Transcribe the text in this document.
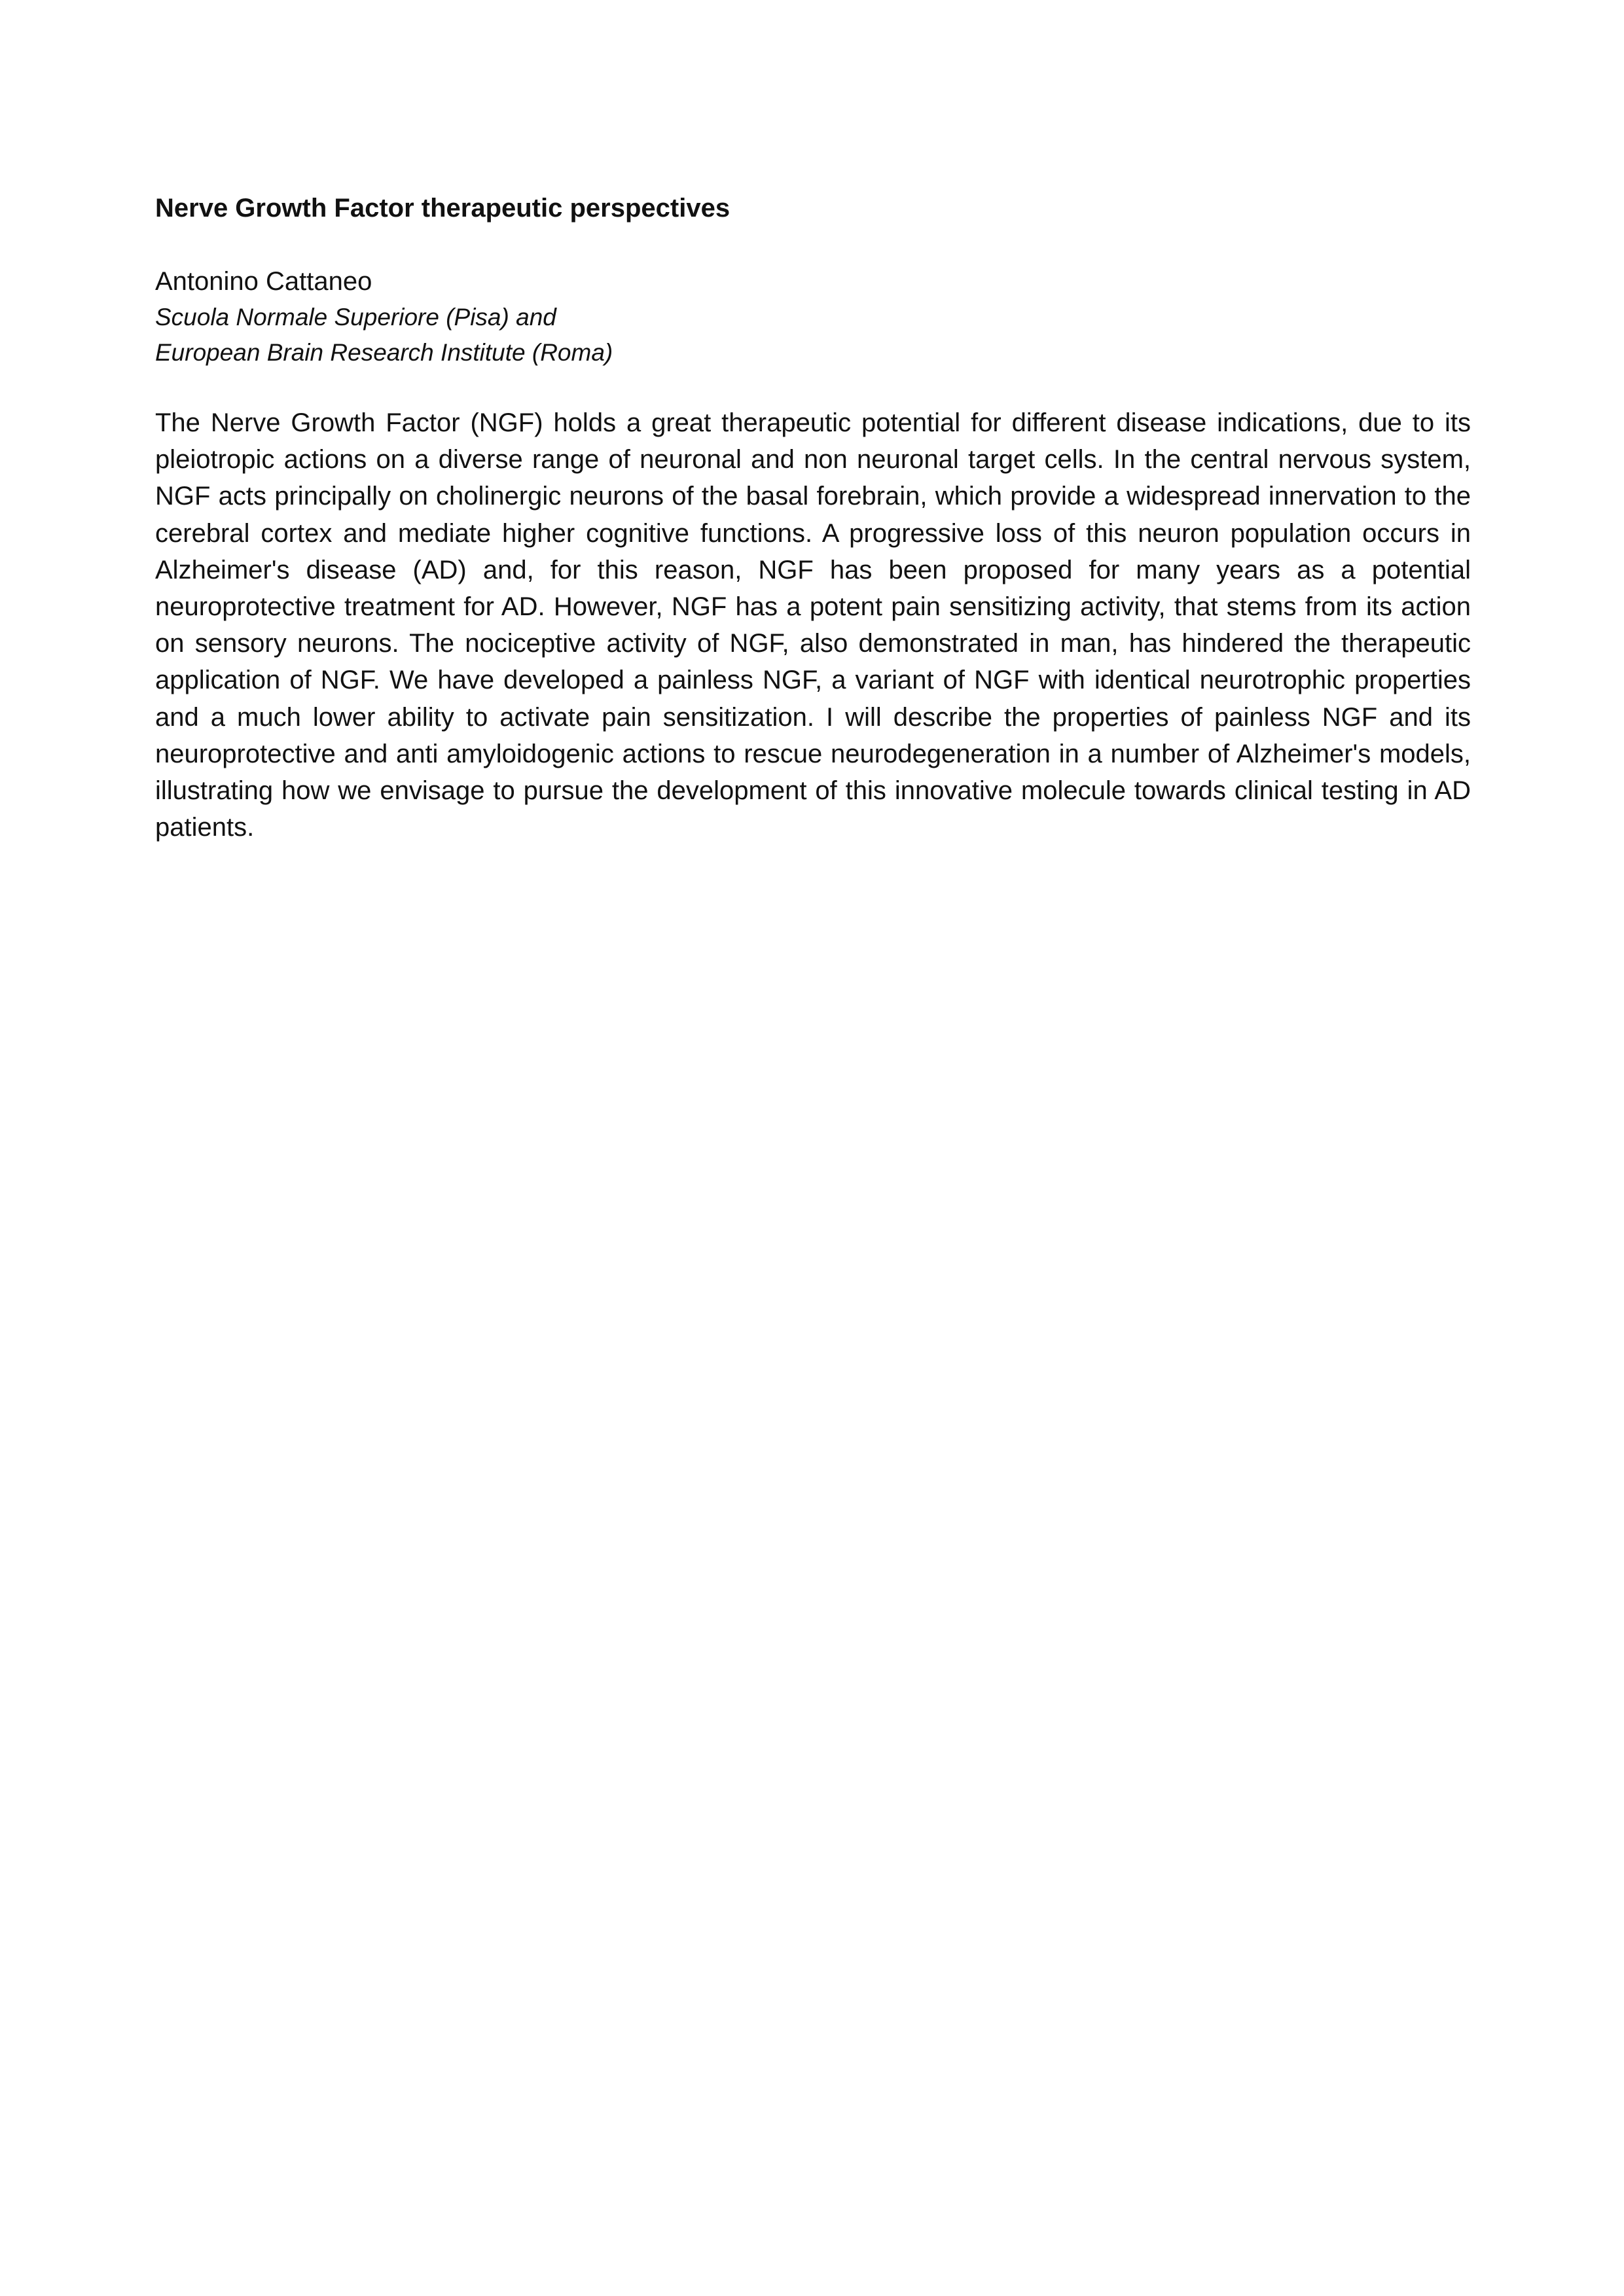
Nerve Growth Factor therapeutic perspectives

Antonino Cattaneo

Scuola Normale Superiore (Pisa) and

European Brain Research Institute (Roma)

The Nerve Growth Factor (NGF) holds a great therapeutic potential for different disease indications, due to its pleiotropic actions on a diverse range of neuronal and non neuronal target cells. In the central nervous system, NGF acts principally on cholinergic neurons of the basal forebrain, which provide a widespread innervation to the cerebral cortex and mediate higher cognitive functions. A progressive loss of this neuron population occurs in Alzheimer's disease (AD) and, for this reason, NGF has been proposed for many years as a potential neuroprotective treatment for AD. However, NGF has a potent pain sensitizing activity, that stems from its action on sensory neurons. The nociceptive activity of NGF, also demonstrated in man, has hindered the therapeutic application of NGF. We have developed a painless NGF, a variant of NGF with identical neurotrophic properties and a much lower ability to activate pain sensitization. I will describe the properties of painless NGF and its neuroprotective and anti amyloidogenic actions to rescue neurodegeneration in a number of Alzheimer's models, illustrating how we envisage to pursue the development of this innovative molecule towards clinical testing in AD patients.
